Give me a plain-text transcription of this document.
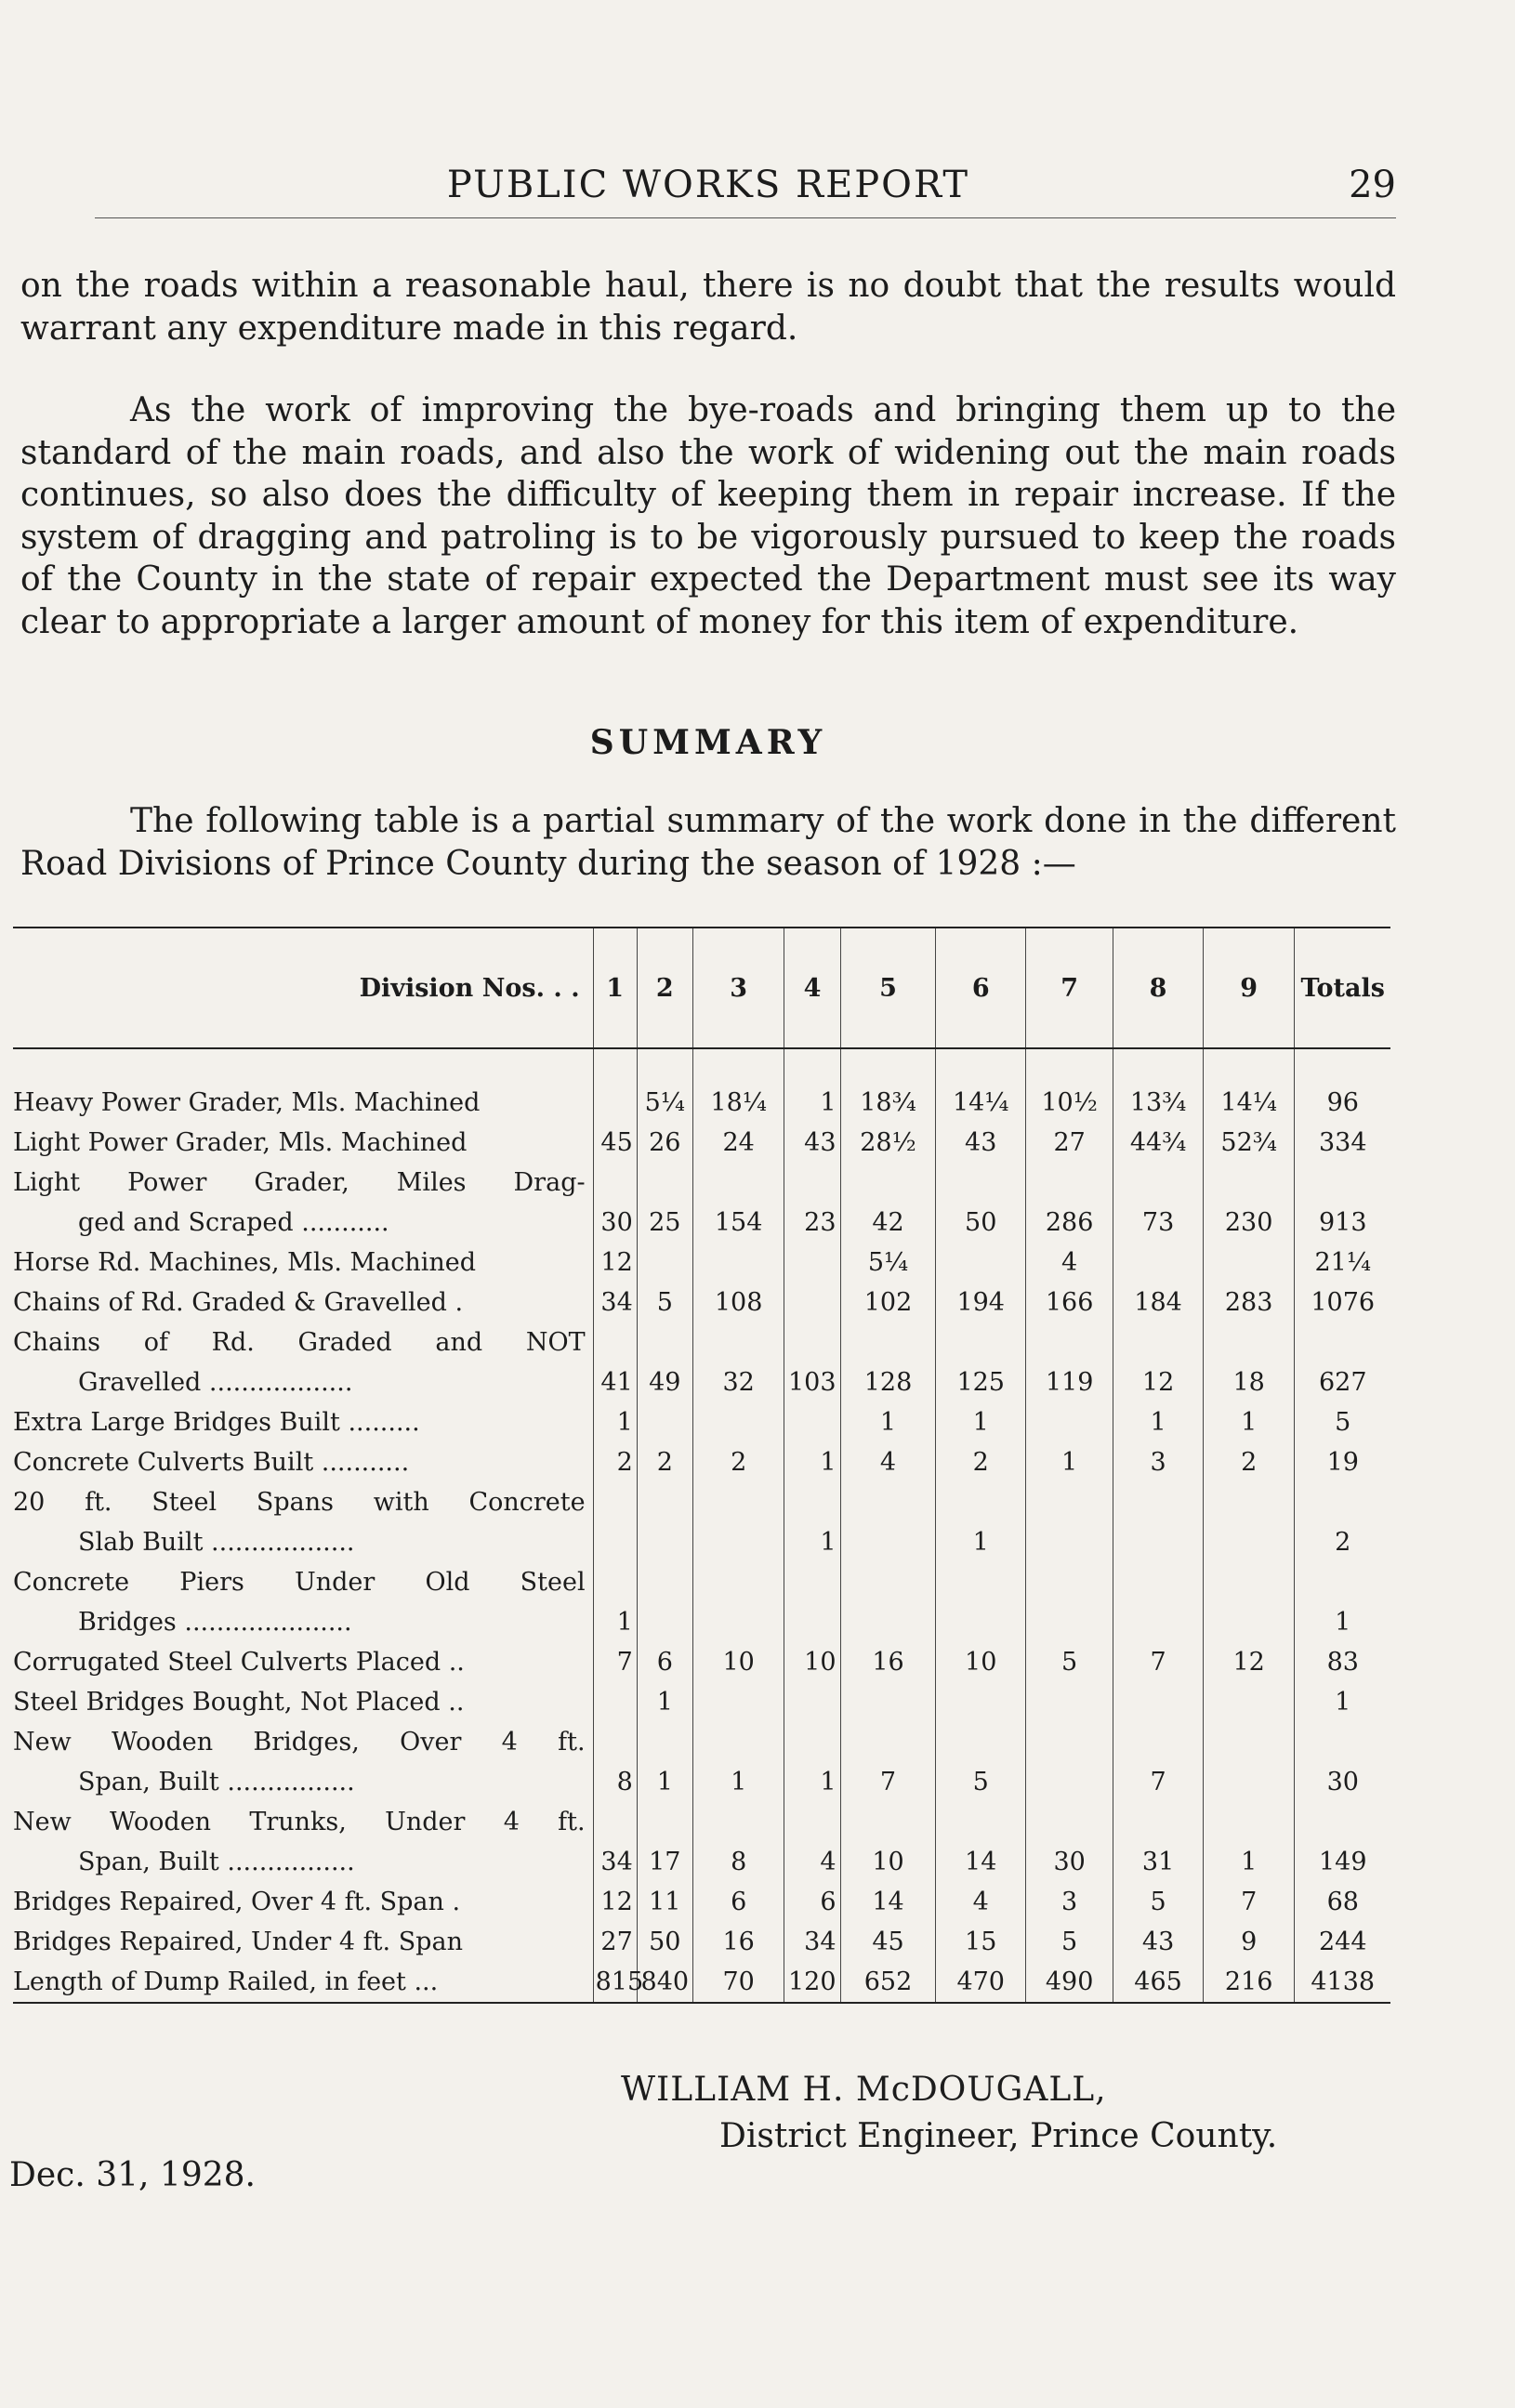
PUBLIC WORKS REPORT	29
on the roads within a reasonable haul, there is no doubt that the results would warrant any expenditure made in this regard.
As the work of improving the bye-roads and bringing them up to the standard of the main roads, and also the work of widening out the main roads continues, so also does the difficulty of keeping them in repair increase. If the system of dragging and patroling is to be vigorously pursued to keep the roads of the County in the state of repair expected the Department must see its way clear to appropriate a larger amount of money for this item of expenditure.
SUMMARY
The following table is a partial summary of the work done in the different Road Divisions of Prince County during the season of 1928 :—
Division Nos. . .	1	2	3	4	5	6	7	8	9	Totals
Heavy Power Grader, Mls. Machined		5¼	18¼	1	18¾	14¼	10½	13¾	14¼	96
Light Power Grader, Mls. Machined	45	26	24	43	28½	43	27	44¾	52¾	334

Light Power Grader, Miles Drag-
ged and Scraped ...........	30	25	154	23	42	50	286	73	230	913
Horse Rd. Machines, Mls. Machined	12				5¼		4			21¼
Chains of Rd. Graded & Gravelled .	34	5	108		102	194	166	184	283	1076

Chains of Rd. Graded and NOT
Gravelled ..................	41	49	32	103	128	125	119	12	18	627
Extra Large Bridges Built .........	1				1	1		1	1	5
Concrete Culverts Built ...........	2	2	2	1	4	2	1	3	2	19

20 ft. Steel Spans with Concrete
Slab Built ..................				1		1				2

Concrete Piers Under Old Steel
Bridges .....................	1									1
Corrugated Steel Culverts Placed ..	7	6	10	10	16	10	5	7	12	83
Steel Bridges Bought, Not Placed ..		1								1

New Wooden Bridges, Over 4 ft.
Span, Built ................	8	1	1	1	7	5		7		30

New Wooden Trunks, Under 4 ft.
Span, Built ................	34	17	8	4	10	14	30	31	1	149
Bridges Repaired, Over 4 ft. Span .	12	11	6	6	14	4	3	5	7	68
Bridges Repaired, Under 4 ft. Span	27	50	16	34	45	15	5	43	9	244
Length of Dump Railed, in feet ...	815	840	70	120	652	470	490	465	216	4138
WILLIAM H. McDOUGALL,
District Engineer, Prince County.
Dec. 31, 1928.
